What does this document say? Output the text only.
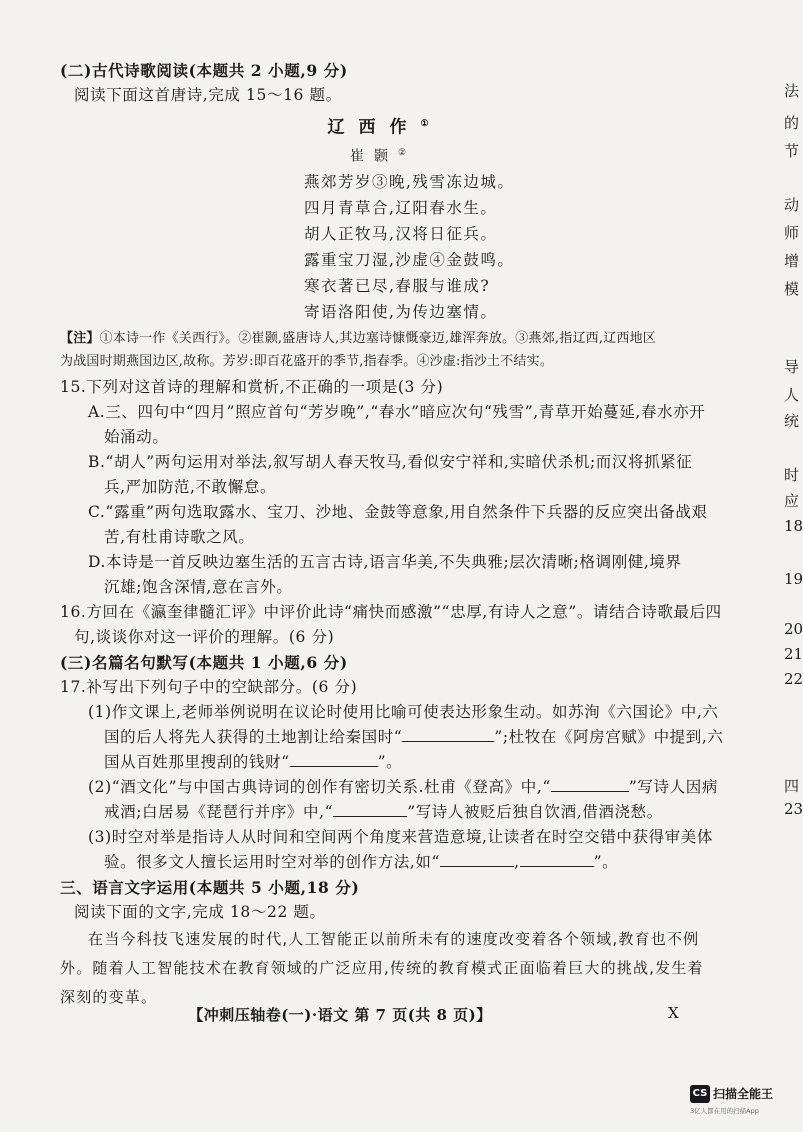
(二)古代诗歌阅读(本题共 2 小题,9 分)
阅读下面这首唐诗,完成 15～16 题。
辽西作①
崔颢②
燕郊芳岁③晚,残雪冻边城。
四月青草合,辽阳春水生。
胡人正牧马,汉将日征兵。
露重宝刀湿,沙虚④金鼓鸣。
寒衣著已尽,春服与谁成?
寄语洛阳使,为传边塞情。
【注】①本诗一作《关西行》。②崔颢,盛唐诗人,其边塞诗慷慨豪迈,雄浑奔放。③燕郊,指辽西,辽西地区
为战国时期燕国边区,故称。芳岁:即百花盛开的季节,指春季。④沙虚:指沙土不结实。
15.下列对这首诗的理解和赏析,不正确的一项是(3 分)
A.三、四句中“四月”照应首句“芳岁晚”,“春水”暗应次句“残雪”,青草开始蔓延,春水亦开
始涌动。
B.“胡人”两句运用对举法,叙写胡人春天牧马,看似安宁祥和,实暗伏杀机;而汉将抓紧征
兵,严加防范,不敢懈怠。
C.“露重”两句选取露水、宝刀、沙地、金鼓等意象,用自然条件下兵器的反应突出备战艰
苦,有杜甫诗歌之风。
D.本诗是一首反映边塞生活的五言古诗,语言华美,不失典雅;层次清晰;格调刚健,境界
沉雄;饱含深情,意在言外。
16.方回在《瀛奎律髓汇评》中评价此诗“痛快而感激”“忠厚,有诗人之意”。请结合诗歌最后四
句,谈谈你对这一评价的理解。(6 分)
(三)名篇名句默写(本题共 1 小题,6 分)
17.补写出下列句子中的空缺部分。(6 分)
(1)作文课上,老师举例说明在议论时使用比喻可使表达形象生动。如苏洵《六国论》中,六
国的后人将先人获得的土地割让给秦国时“	”;杜牧在《阿房宫赋》中提到,六
国从百姓那里搜刮的钱财“	”。
(2)“酒文化”与中国古典诗词的创作有密切关系.杜甫《登高》中,“	”写诗人因病
戒酒;白居易《琵琶行并序》中,“	”写诗人被贬后独自饮酒,借酒浇愁。
(3)时空对举是指诗人从时间和空间两个角度来营造意境,让读者在时空交错中获得审美体
验。很多文人擅长运用时空对举的创作方法,如“	,	”。
三、语言文字运用(本题共 5 小题,18 分)
阅读下面的文字,完成 18～22 题。
在当今科技飞速发展的时代,人工智能正以前所未有的速度改变着各个领域,教育也不例
外。随着人工智能技术在教育领域的广泛应用,传统的教育模式正面临着巨大的挑战,发生着
深刻的变革。
【冲刺压轴卷(一)·语文 第 7 页(共 8 页)】	X
法
的
节
动
师
增
模
导
人
统
时
应
18
19
20
21
22
四
23
CS 扫描全能王
3亿人都在用的扫描App
